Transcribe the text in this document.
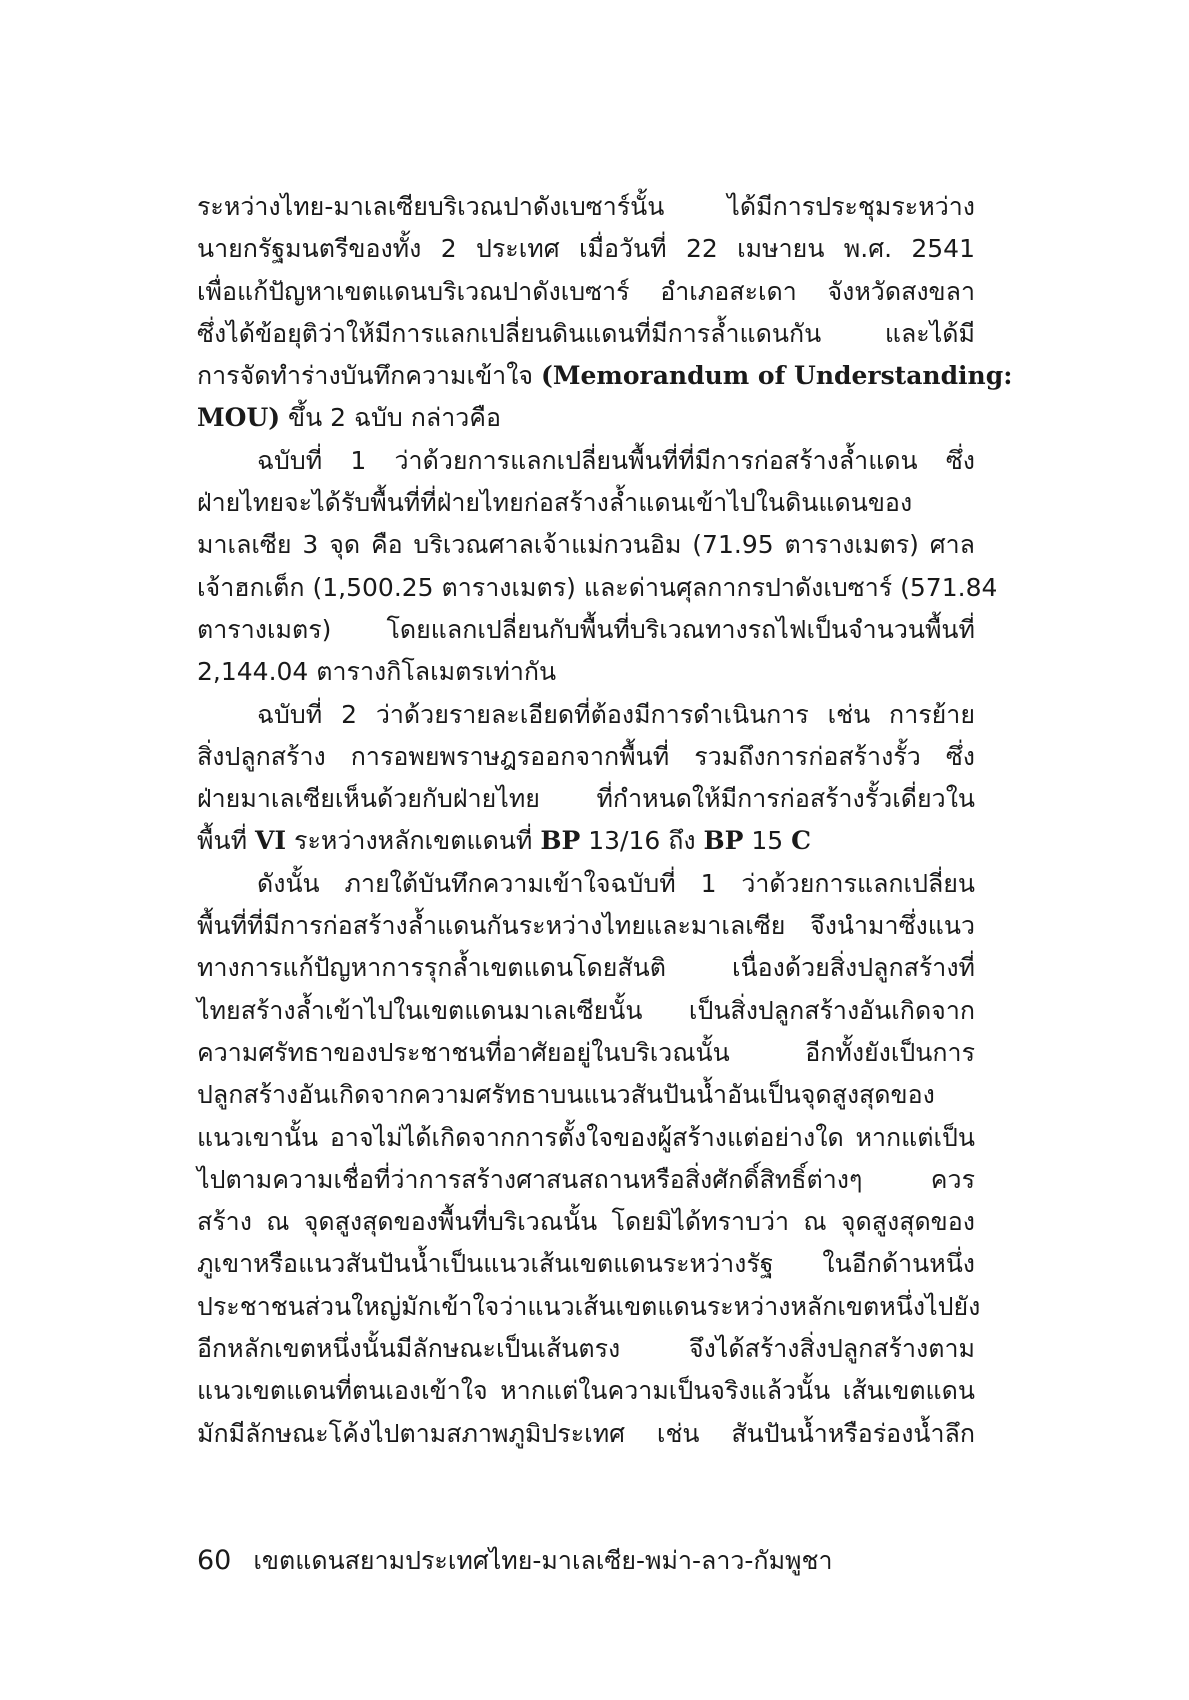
ระหว่างไทย-มาเลเซียบริเวณปาดังเบซาร์นั้น ได้มีการประชุมระหว่าง
นายกรัฐมนตรีของทั้ง 2 ประเทศ เมื่อวันที่ 22 เมษายน พ.ศ. 2541
เพื่อแก้ปัญหาเขตแดนบริเวณปาดังเบซาร์ อำเภอสะเดา จังหวัดสงขลา
ซึ่งได้ข้อยุติว่าให้มีการแลกเปลี่ยนดินแดนที่มีการล้ำแดนกัน และได้มี
การจัดทำร่างบันทึกความเข้าใจ (Memorandum of Understanding:
MOU) ขึ้น 2 ฉบับ กล่าวคือ
ฉบับที่ 1 ว่าด้วยการแลกเปลี่ยนพื้นที่ที่มีการก่อสร้างล้ำแดน ซึ่ง
ฝ่ายไทยจะได้รับพื้นที่ที่ฝ่ายไทยก่อสร้างล้ำแดนเข้าไปในดินแดนของ
มาเลเซีย 3 จุด คือ บริเวณศาลเจ้าแม่กวนอิม (71.95 ตารางเมตร) ศาล
เจ้าฮกเต็ก (1,500.25 ตารางเมตร) และด่านศุลกากรปาดังเบซาร์ (571.84
ตารางเมตร) โดยแลกเปลี่ยนกับพื้นที่บริเวณทางรถไฟเป็นจำนวนพื้นที่
2,144.04 ตารางกิโลเมตรเท่ากัน
ฉบับที่ 2 ว่าด้วยรายละเอียดที่ต้องมีการดำเนินการ เช่น การย้าย
สิ่งปลูกสร้าง การอพยพราษฎรออกจากพื้นที่ รวมถึงการก่อสร้างรั้ว ซึ่ง
ฝ่ายมาเลเซียเห็นด้วยกับฝ่ายไทย ที่กำหนดให้มีการก่อสร้างรั้วเดี่ยวใน
พื้นที่ VI ระหว่างหลักเขตแดนที่ BP 13/16 ถึง BP 15 C
ดังนั้น ภายใต้บันทึกความเข้าใจฉบับที่ 1 ว่าด้วยการแลกเปลี่ยน
พื้นที่ที่มีการก่อสร้างล้ำแดนกันระหว่างไทยและมาเลเซีย จึงนำมาซึ่งแนว
ทางการแก้ปัญหาการรุกล้ำเขตแดนโดยสันติ เนื่องด้วยสิ่งปลูกสร้างที่
ไทยสร้างล้ำเข้าไปในเขตแดนมาเลเซียนั้น เป็นสิ่งปลูกสร้างอันเกิดจาก
ความศรัทธาของประชาชนที่อาศัยอยู่ในบริเวณนั้น อีกทั้งยังเป็นการ
ปลูกสร้างอันเกิดจากความศรัทธาบนแนวสันปันน้ำอันเป็นจุดสูงสุดของ
แนวเขานั้น อาจไม่ได้เกิดจากการตั้งใจของผู้สร้างแต่อย่างใด หากแต่เป็น
ไปตามความเชื่อที่ว่าการสร้างศาสนสถานหรือสิ่งศักดิ์สิทธิ์ต่างๆ ควร
สร้าง ณ จุดสูงสุดของพื้นที่บริเวณนั้น โดยมิได้ทราบว่า ณ จุดสูงสุดของ
ภูเขาหรือแนวสันปันน้ำเป็นแนวเส้นเขตแดนระหว่างรัฐ ในอีกด้านหนึ่ง
ประชาชนส่วนใหญ่มักเข้าใจว่าแนวเส้นเขตแดนระหว่างหลักเขตหนึ่งไปยัง
อีกหลักเขตหนึ่งนั้นมีลักษณะเป็นเส้นตรง จึงได้สร้างสิ่งปลูกสร้างตาม
แนวเขตแดนที่ตนเองเข้าใจ หากแต่ในความเป็นจริงแล้วนั้น เส้นเขตแดน
มักมีลักษณะโค้งไปตามสภาพภูมิประเทศ เช่น สันปันน้ำหรือร่องน้ำลึก
60 เขตแดนสยามประเทศไทย-มาเลเซีย-พม่า-ลาว-กัมพูชา
